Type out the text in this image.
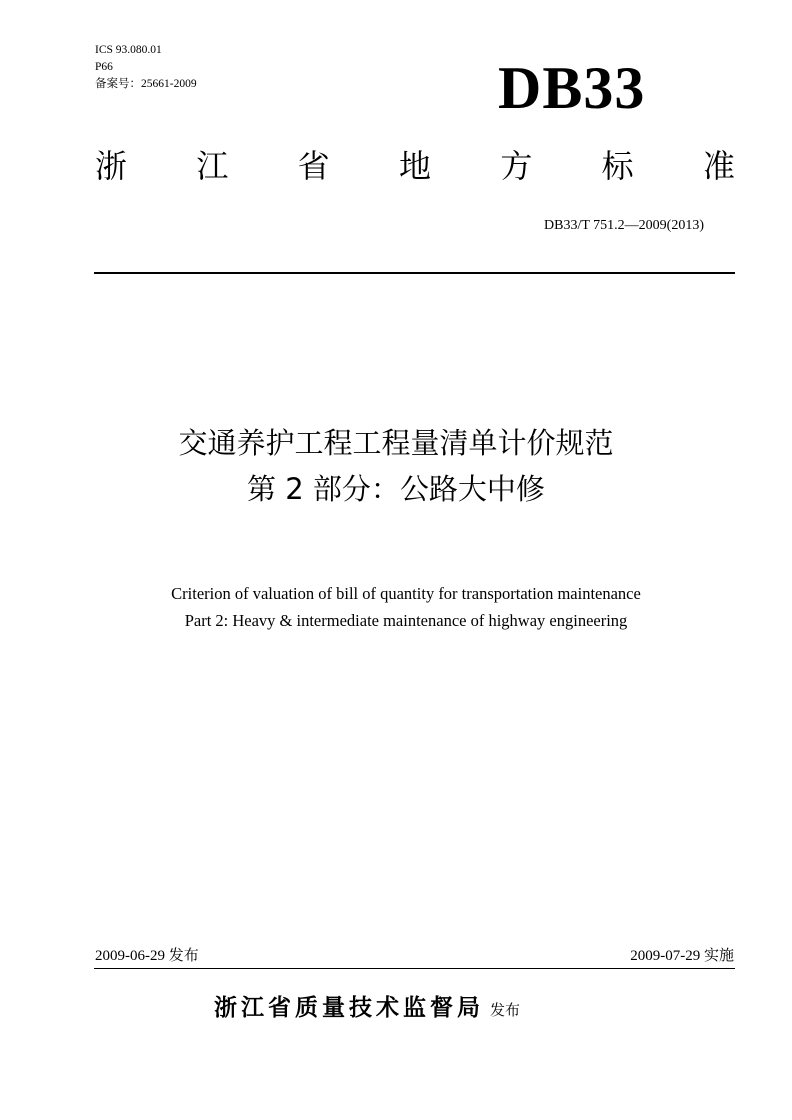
ICS 93.080.01
P66
备案号：25661-2009	DB33
浙 江 省 地 方 标 准
DB33/T 751.2—2009(2013)
交通养护工程工程量清单计价规范
第 2 部分：公路大中修
Criterion of valuation of bill of quantity for transportation maintenance
Part 2: Heavy & intermediate maintenance of highway engineering
2009-06-29 发布	2009-07-29 实施
浙江省质量技术监督局 发布
